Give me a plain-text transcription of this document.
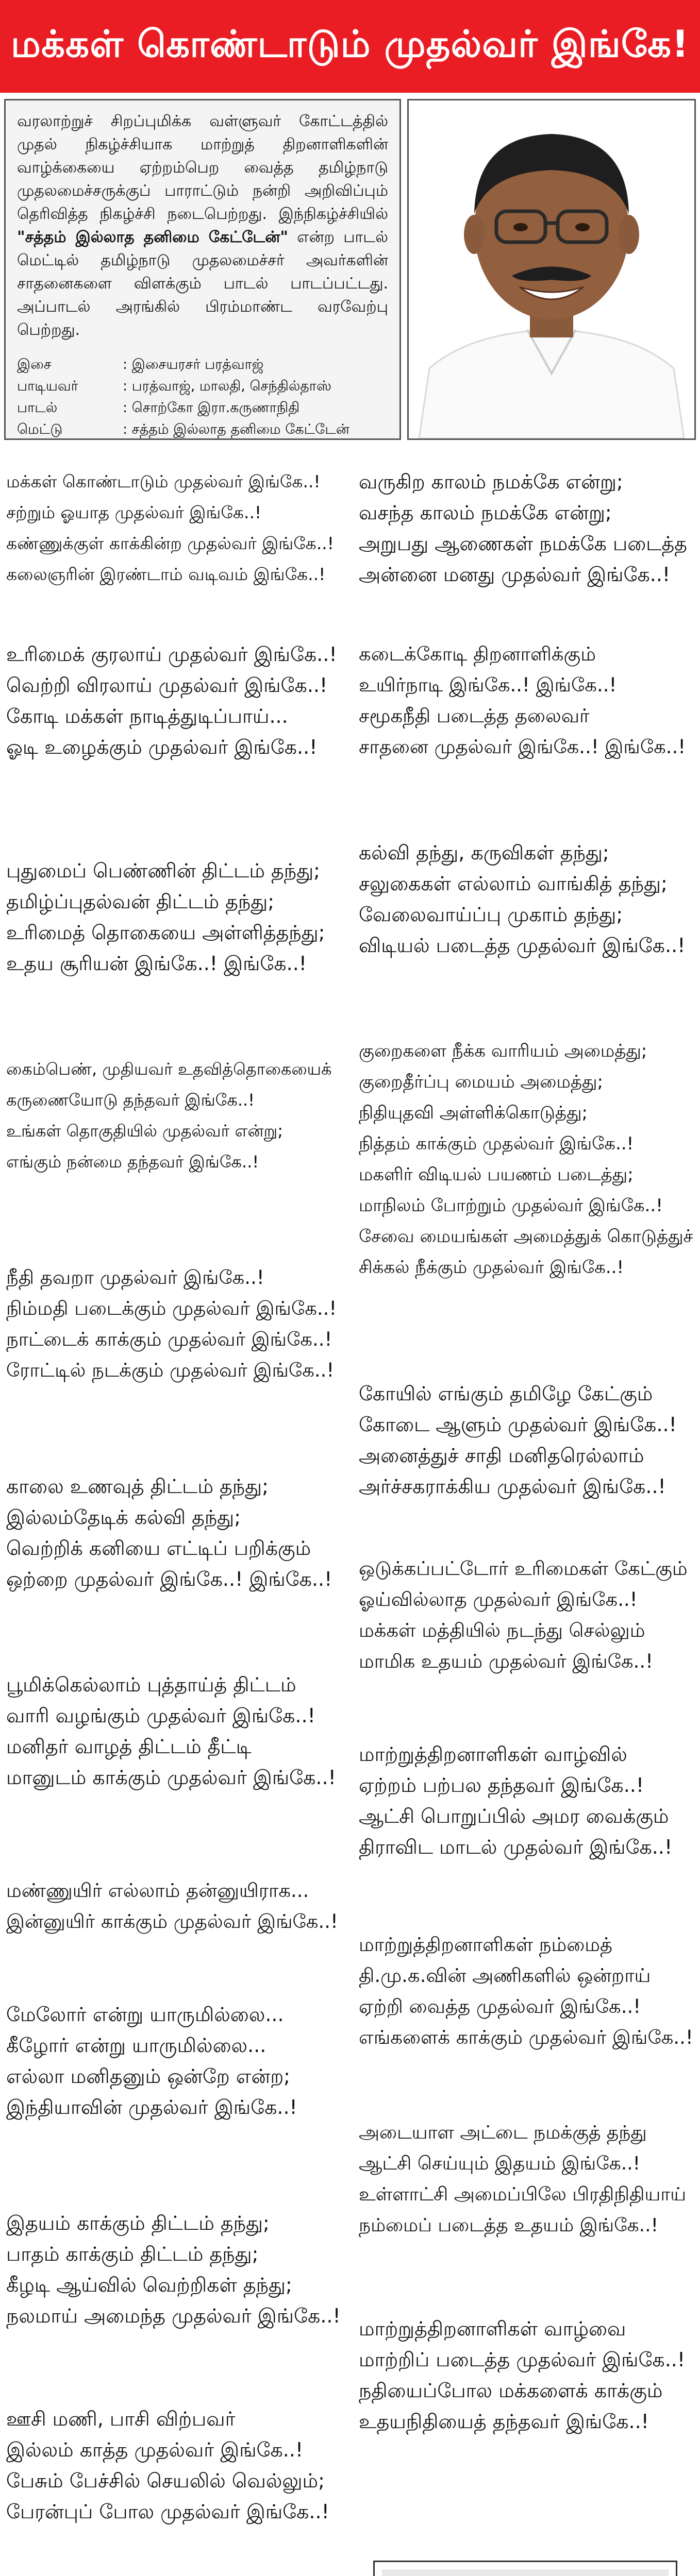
மக்கள் கொண்டாடும் முதல்வர் இங்கே!
வரலாற்றுச் சிறப்புமிக்க வள்ளுவர் கோட்டத்தில் முதல் நிகழ்ச்சியாக மாற்றுத் திறனாளிகளின் வாழ்க்கையை ஏற்றம்பெற வைத்த தமிழ்நாடு முதலமைச்சருக்குப் பாராட்டும் நன்றி அறிவிப்பும் தெரிவித்த நிகழ்ச்சி நடைபெற்றது. இந்நிகழ்ச்சியில் "சத்தம் இல்லாத தனிமை கேட்டேன்" என்ற பாடல் மெட்டில் தமிழ்நாடு முதலமைச்சர் அவர்களின் சாதனைகளை விளக்கும் பாடல் பாடப்பட்டது. அப்பாடல் அரங்கில் பிரம்மாண்ட வரவேற்பு பெற்றது.
இசை	: இசையரசர் பரத்வாஜ்
பாடியவர்	: பரத்வாஜ், மாலதி, செந்தில்தாஸ்
பாடல்	: சொற்கோ இரா.கருணாநிதி
மெட்டு	: சத்தம் இல்லாத தனிமை கேட்டேன்
மக்கள் கொண்டாடும் முதல்வர் இங்கே..!
சற்றும் ஓயாத முதல்வர் இங்கே..!
கண்ணுக்குள் காக்கின்ற முதல்வர் இங்கே..!
கலைஞரின் இரண்டாம் வடிவம் இங்கே..!
உரிமைக் குரலாய் முதல்வர் இங்கே..!
வெற்றி விரலாய் முதல்வர் இங்கே..!
கோடி மக்கள் நாடித்துடிப்பாய்...
ஓடி உழைக்கும் முதல்வர் இங்கே..!
புதுமைப் பெண்ணின் திட்டம் தந்து;
தமிழ்ப்புதல்வன் திட்டம் தந்து;
உரிமைத் தொகையை அள்ளித்தந்து;
உதய சூரியன் இங்கே..! இங்கே..!
கைம்பெண், முதியவர் உதவித்தொகையைக்
கருணையோடு தந்தவர் இங்கே..!
உங்கள் தொகுதியில் முதல்வர் என்று;
எங்கும் நன்மை தந்தவர் இங்கே..!
நீதி தவறா முதல்வர் இங்கே..!
நிம்மதி படைக்கும் முதல்வர் இங்கே..!
நாட்டைக் காக்கும் முதல்வர் இங்கே..!
ரோட்டில் நடக்கும் முதல்வர் இங்கே..!
காலை உணவுத் திட்டம் தந்து;
இல்லம்தேடிக் கல்வி தந்து;
வெற்றிக் கனியை எட்டிப் பறிக்கும்
ஒற்றை முதல்வர் இங்கே..! இங்கே..!
பூமிக்கெல்லாம் புத்தாய்த் திட்டம்
வாரி வழங்கும் முதல்வர் இங்கே..!
மனிதர் வாழத் திட்டம் தீட்டி
மானுடம் காக்கும் முதல்வர் இங்கே..!
மண்ணுயிர் எல்லாம் தன்னுயிராக...
இன்னுயிர் காக்கும் முதல்வர் இங்கே..!
மேலோர் என்று யாருமில்லை...
கீழோர் என்று யாருமில்லை...
எல்லா மனிதனும் ஒன்றே என்ற;
இந்தியாவின் முதல்வர் இங்கே..!
இதயம் காக்கும் திட்டம் தந்து;
பாதம் காக்கும் திட்டம் தந்து;
கீழடி ஆய்வில் வெற்றிகள் தந்து;
நலமாய் அமைந்த முதல்வர் இங்கே..!
ஊசி மணி, பாசி விற்பவர்
இல்லம் காத்த முதல்வர் இங்கே..!
பேசும் பேச்சில் செயலில் வெல்லும்;
பேரன்புப் போல முதல்வர் இங்கே..!
வருகிற காலம் நமக்கே என்று;
வசந்த காலம் நமக்கே என்று;
அறுபது ஆணைகள் நமக்கே படைத்த
அன்னை மனது முதல்வர் இங்கே..!
கடைக்கோடி திறனாளிக்கும்
உயிர்நாடி இங்கே..! இங்கே..!
சமூகநீதி படைத்த தலைவர்
சாதனை முதல்வர் இங்கே..! இங்கே..!
கல்வி தந்து, கருவிகள் தந்து;
சலுகைகள் எல்லாம் வாங்கித் தந்து;
வேலைவாய்ப்பு முகாம் தந்து;
விடியல் படைத்த முதல்வர் இங்கே..!
குறைகளை நீக்க வாரியம் அமைத்து;
குறைதீர்ப்பு மையம் அமைத்து;
நிதியுதவி அள்ளிக்கொடுத்து;
நித்தம் காக்கும் முதல்வர் இங்கே..!
மகளிர் விடியல் பயணம் படைத்து;
மாநிலம் போற்றும் முதல்வர் இங்கே..!
சேவை மையங்கள் அமைத்துக் கொடுத்துச்
சிக்கல் நீக்கும் முதல்வர் இங்கே..!
கோயில் எங்கும் தமிழே கேட்கும்
கோடை ஆளும் முதல்வர் இங்கே..!
அனைத்துச் சாதி மனிதரெல்லாம்
அர்ச்சகராக்கிய முதல்வர் இங்கே..!
ஒடுக்கப்பட்டோர் உரிமைகள் கேட்கும்
ஓய்வில்லாத முதல்வர் இங்கே..!
மக்கள் மத்தியில் நடந்து செல்லும்
மாமிக உதயம் முதல்வர் இங்கே..!
மாற்றுத்திறனாளிகள் வாழ்வில்
ஏற்றம் பற்பல தந்தவர் இங்கே..!
ஆட்சி பொறுப்பில் அமர வைக்கும்
திராவிட மாடல் முதல்வர் இங்கே..!
மாற்றுத்திறனாளிகள் நம்மைத்
தி.மு.க.வின் அணிகளில் ஒன்றாய்
ஏற்றி வைத்த முதல்வர் இங்கே..!
எங்களைக் காக்கும் முதல்வர் இங்கே..!
அடையாள அட்டை நமக்குத் தந்து
ஆட்சி செய்யும் இதயம் இங்கே..!
உள்ளாட்சி அமைப்பிலே பிரதிநிதியாய்
நம்மைப் படைத்த உதயம் இங்கே..!
மாற்றுத்திறனாளிகள் வாழ்வை
மாற்றிப் படைத்த முதல்வர் இங்கே..!
நதியைப்போல மக்களைக் காக்கும்
உதயநிதியைத் தந்தவர் இங்கே..!
